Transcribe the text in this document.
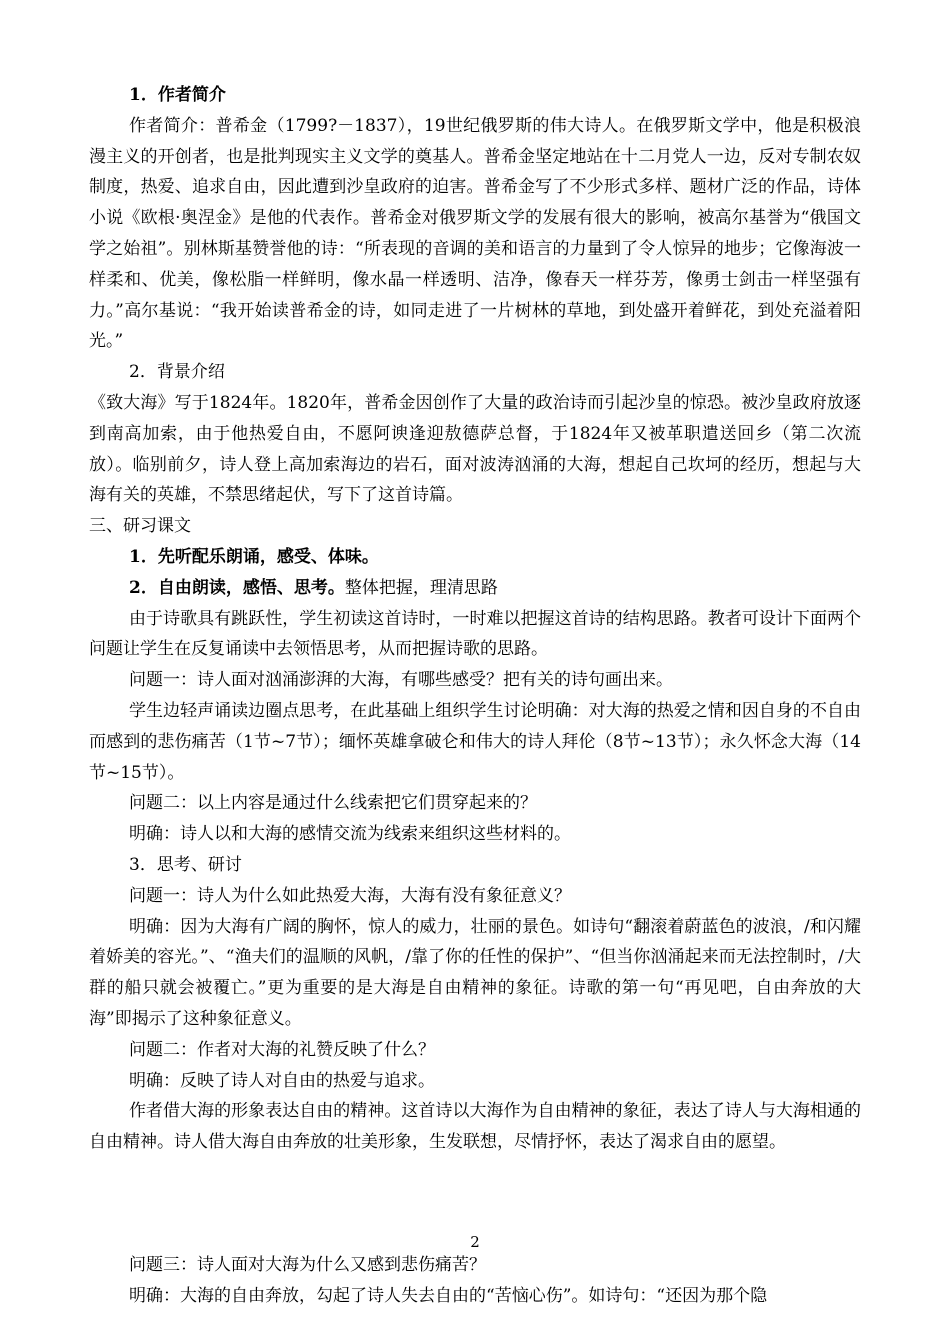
1．作者简介

作者简介：普希金（1799?－1837），19世纪俄罗斯的伟大诗人。在俄罗斯文学中，他是积极浪漫主义的开创者，也是批判现实主义文学的奠基人。普希金坚定地站在十二月党人一边，反对专制农奴制度，热爱、追求自由，因此遭到沙皇政府的迫害。普希金写了不少形式多样、题材广泛的作品，诗体小说《欧根·奥涅金》是他的代表作。普希金对俄罗斯文学的发展有很大的影响，被高尔基誉为“俄国文学之始祖”。别林斯基赞誉他的诗：“所表现的音调的美和语言的力量到了令人惊异的地步；它像海波一样柔和、优美，像松脂一样鲜明，像水晶一样透明、洁净，像春天一样芬芳，像勇士剑击一样坚强有力。”高尔基说：“我开始读普希金的诗，如同走进了一片树林的草地，到处盛开着鲜花，到处充溢着阳光。”

2．背景介绍

《致大海》写于1824年。1820年，普希金因创作了大量的政治诗而引起沙皇的惊恐。被沙皇政府放逐到南高加索，由于他热爱自由，不愿阿谀逢迎敖德萨总督，于1824年又被革职遣送回乡（第二次流放）。临别前夕，诗人登上高加索海边的岩石，面对波涛汹涌的大海，想起自己坎坷的经历，想起与大海有关的英雄，不禁思绪起伏，写下了这首诗篇。

三、研习课文

1．先听配乐朗诵，感受、体味。

2．自由朗读，感悟、思考。整体把握，理清思路

由于诗歌具有跳跃性，学生初读这首诗时，一时难以把握这首诗的结构思路。教者可设计下面两个问题让学生在反复诵读中去领悟思考，从而把握诗歌的思路。

问题一：诗人面对汹涌澎湃的大海，有哪些感受？把有关的诗句画出来。

学生边轻声诵读边圈点思考，在此基础上组织学生讨论明确：对大海的热爱之情和因自身的不自由而感到的悲伤痛苦（1节~7节）；缅怀英雄拿破仑和伟大的诗人拜伦（8节~13节）；永久怀念大海（14节~15节）。

问题二：以上内容是通过什么线索把它们贯穿起来的？

明确：诗人以和大海的感情交流为线索来组织这些材料的。

3．思考、研讨

问题一：诗人为什么如此热爱大海，大海有没有象征意义？

明确：因为大海有广阔的胸怀，惊人的威力，壮丽的景色。如诗句“翻滚着蔚蓝色的波浪，/和闪耀着娇美的容光。”、“渔夫们的温顺的风帆，/靠了你的任性的保护”、“但当你汹涌起来而无法控制时，/大群的船只就会被覆亡。”更为重要的是大海是自由精神的象征。诗歌的第一句“再见吧，自由奔放的大海”即揭示了这种象征意义。

问题二：作者对大海的礼赞反映了什么？

明确：反映了诗人对自由的热爱与追求。

作者借大海的形象表达自由的精神。这首诗以大海作为自由精神的象征，表达了诗人与大海相通的自由精神。诗人借大海自由奔放的壮美形象，生发联想，尽情抒怀，表达了渴求自由的愿望。

问题三：诗人面对大海为什么又感到悲伤痛苦？

明确：大海的自由奔放，勾起了诗人失去自由的“苦恼心伤”。如诗句：“还因为那个隐

2
